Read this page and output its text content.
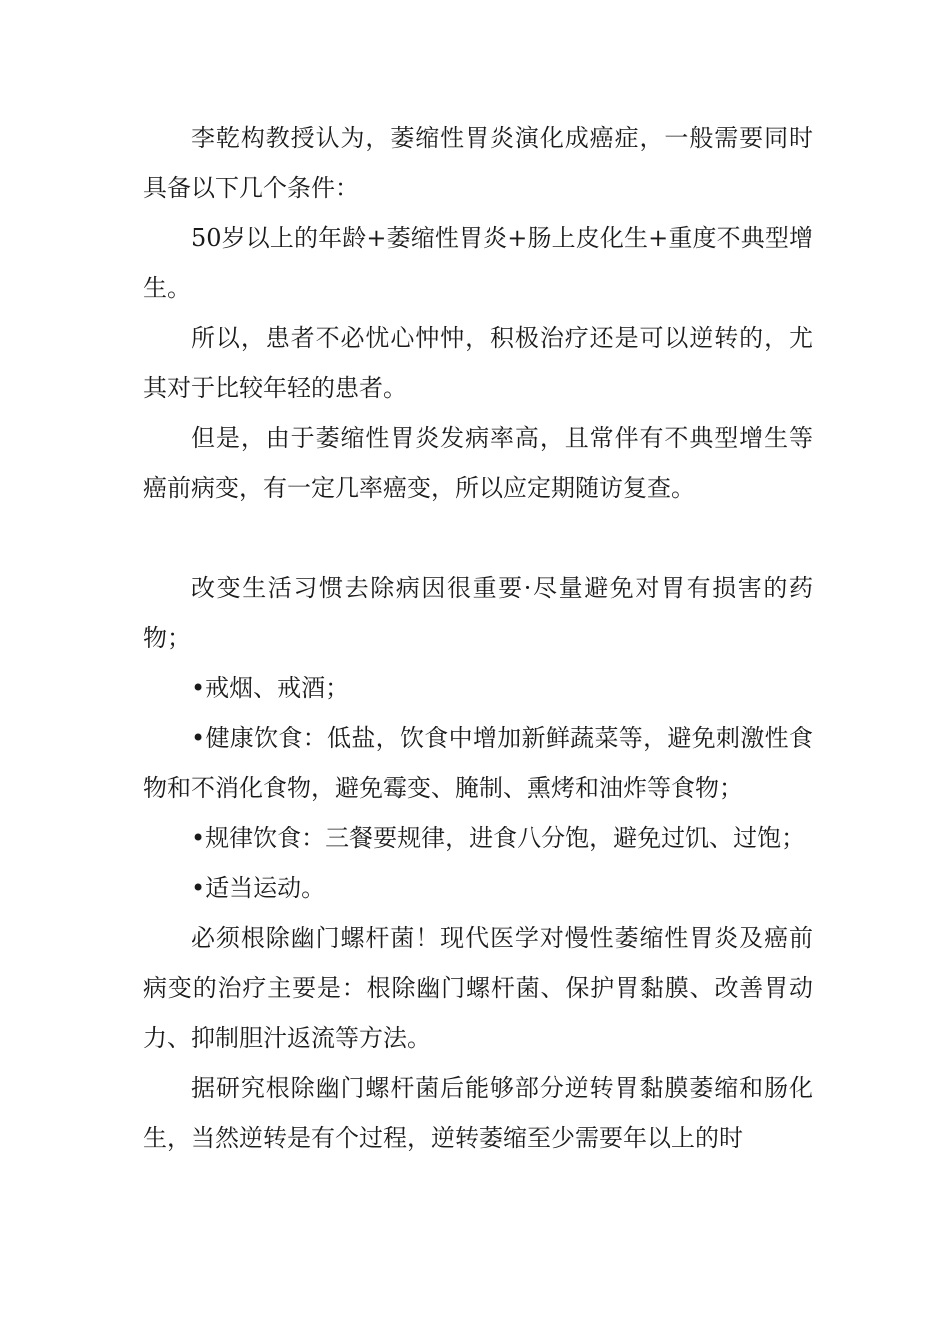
李乾构教授认为，萎缩性胃炎演化成癌症，一般需要同时具备以下几个条件：

50岁以上的年龄+萎缩性胃炎+肠上皮化生+重度不典型增生。

所以，患者不必忧心忡忡，积极治疗还是可以逆转的，尤其对于比较年轻的患者。

但是，由于萎缩性胃炎发病率高，且常伴有不典型增生等癌前病变，有一定几率癌变，所以应定期随访复查。

改变生活习惯去除病因很重要·尽量避免对胃有损害的药物；

•戒烟、戒酒；

•健康饮食：低盐，饮食中增加新鲜蔬菜等，避免刺激性食物和不消化食物，避免霉变、腌制、熏烤和油炸等食物；

•规律饮食：三餐要规律，进食八分饱，避免过饥、过饱；

•适当运动。

必须根除幽门螺杆菌！现代医学对慢性萎缩性胃炎及癌前病变的治疗主要是：根除幽门螺杆菌、保护胃黏膜、改善胃动力、抑制胆汁返流等方法。

据研究根除幽门螺杆菌后能够部分逆转胃黏膜萎缩和肠化生，当然逆转是有个过程，逆转萎缩至少需要年以上的时
